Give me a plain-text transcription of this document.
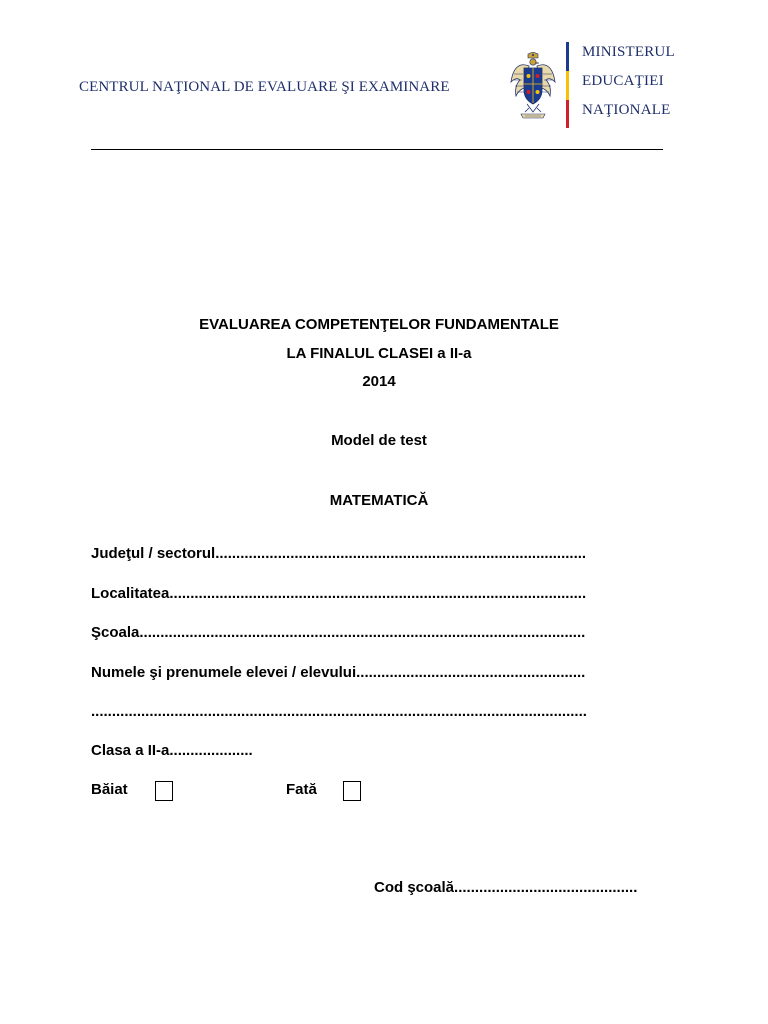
CENTRUL NAŢIONAL DE EVALUARE ŞI EXAMINARE
MINISTERUL
EDUCAŢIEI
NAŢIONALE
EVALUAREA COMPETENŢELOR FUNDAMENTALE
LA FINALUL CLASEI a II-a
2014
Model de test
MATEMATICĂ
Judeţul / sectorul.........................................................................................
Localitatea....................................................................................................
Şcoala...........................................................................................................
Numele şi prenumele elevei / elevului.......................................................
.......................................................................................................................
Clasa a II-a....................
Băiat	Fată
Cod şcoală............................................
